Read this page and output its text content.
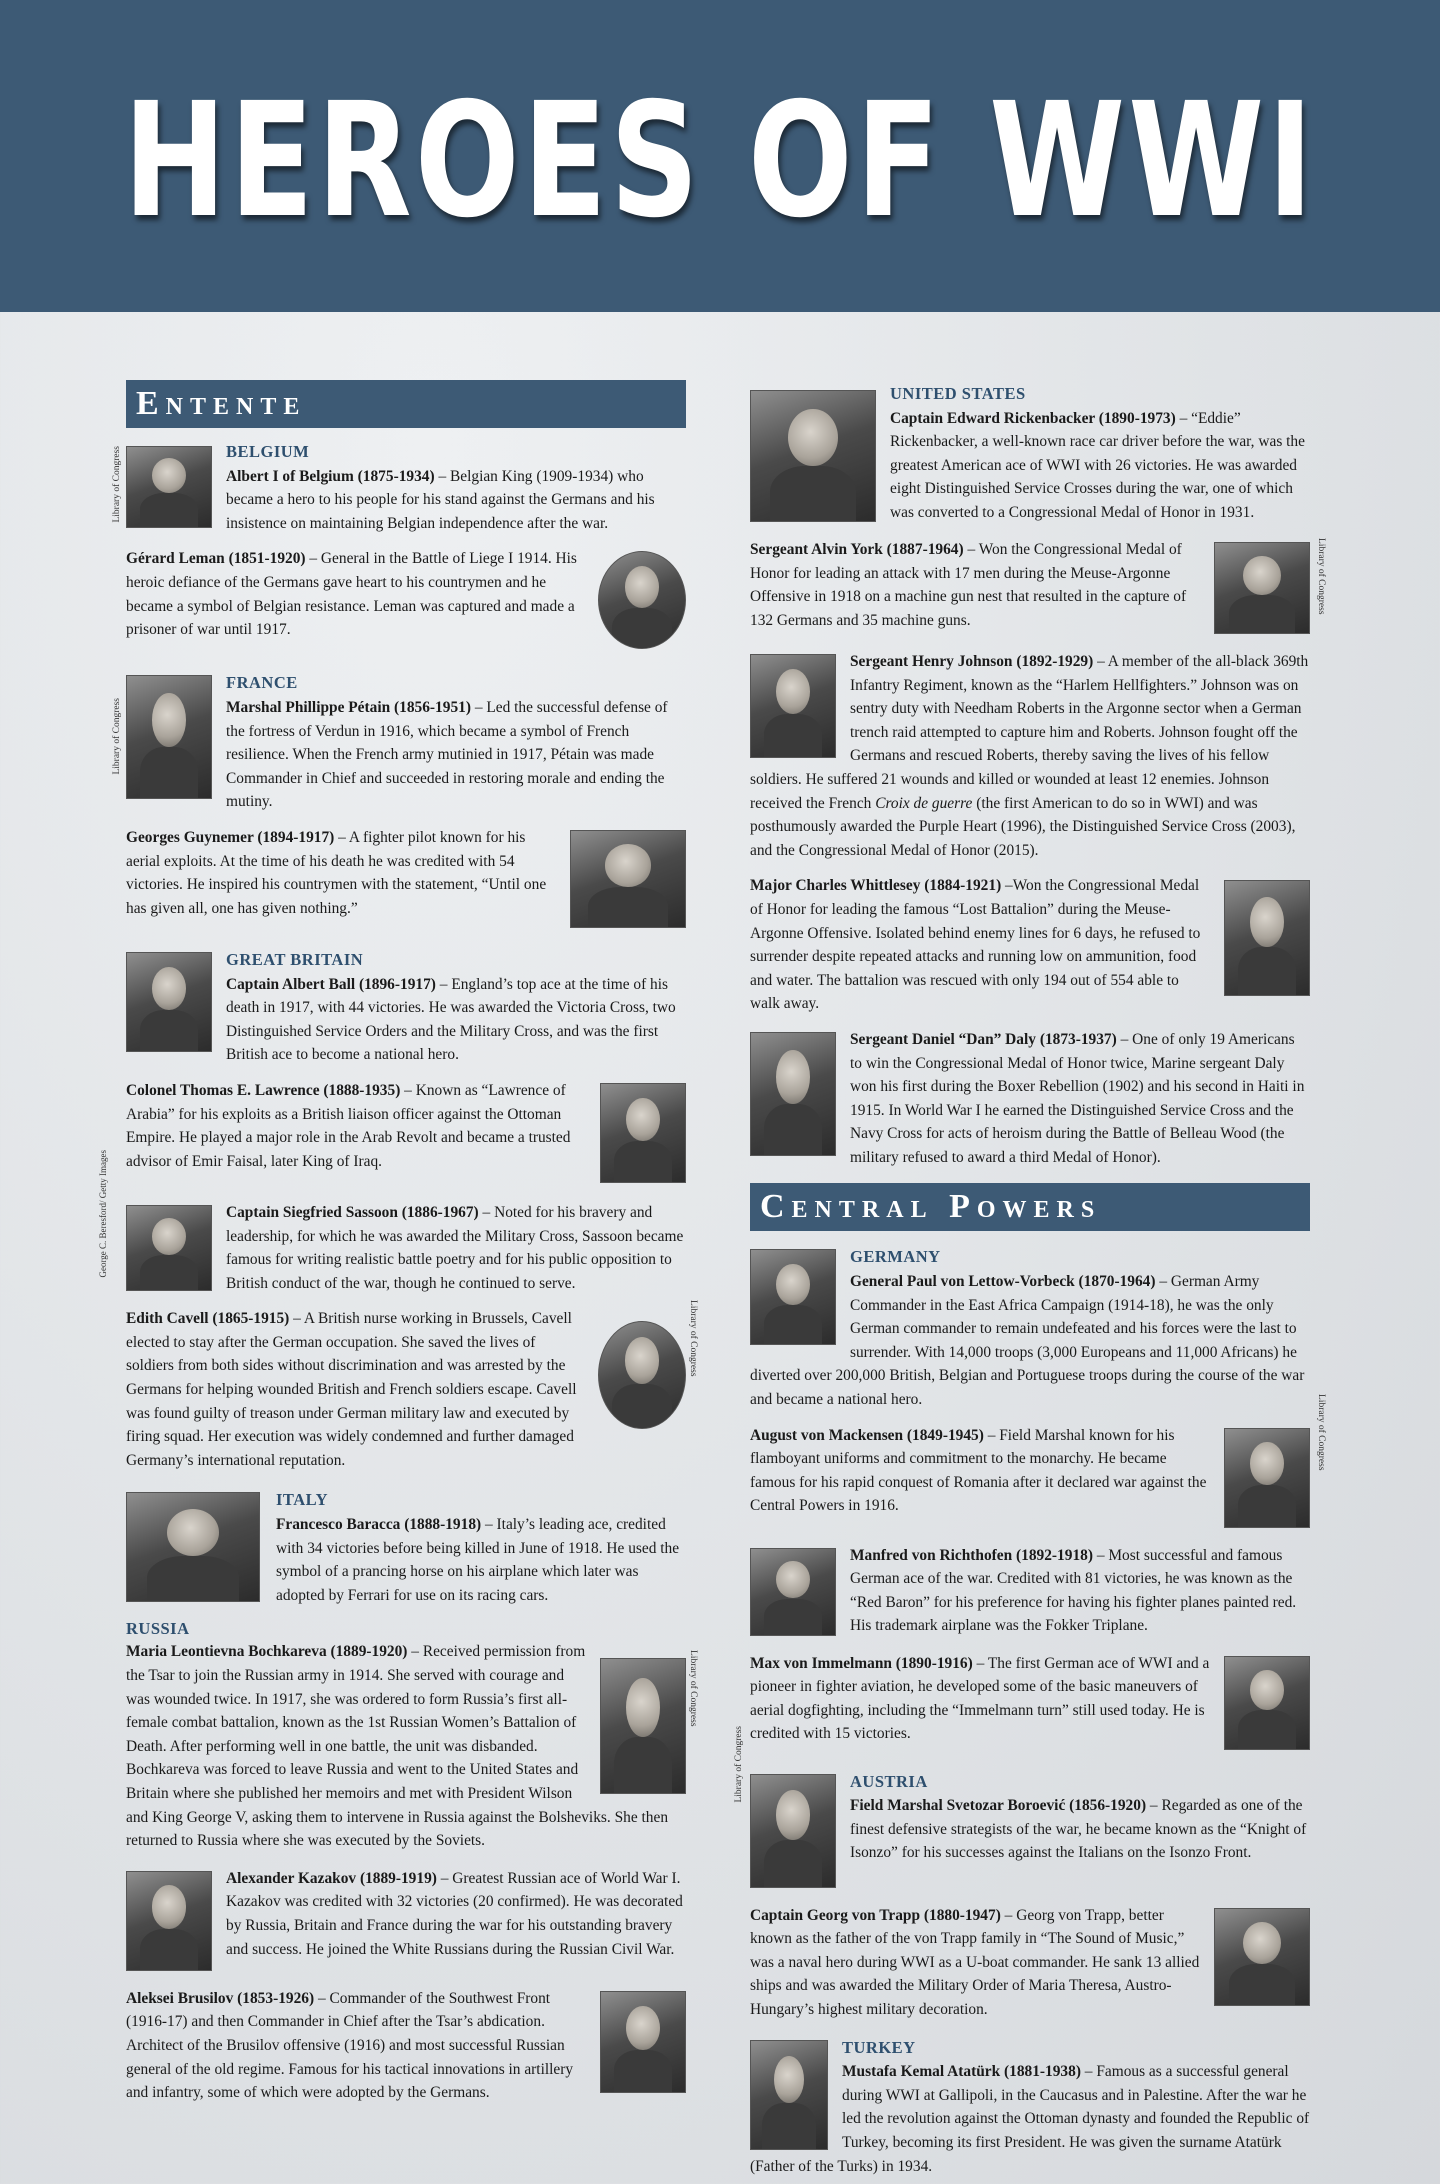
HEROES OF WWI
Entente
BELGIUM

Albert I of Belgium (1875-1934) – Belgian King (1909-1934) who became a hero to his people for his stand against the Germans and his insistence on maintaining Belgian independence after the war.

Library of Congress

Gérard Leman (1851-1920) – General in the Battle of Liege I 1914. His heroic defiance of the Germans gave heart to his countrymen and he became a symbol of Belgian resistance. Leman was captured and made a prisoner of war until 1917.

FRANCE

Marshal Phillippe Pétain (1856-1951) – Led the successful defense of the fortress of Verdun in 1916, which became a symbol of French resilience. When the French army mutinied in 1917, Pétain was made Commander in Chief and succeeded in restoring morale and ending the mutiny.

Library of Congress

Georges Guynemer (1894-1917) – A fighter pilot known for his aerial exploits. At the time of his death he was credited with 54 victories. He inspired his countrymen with the statement, “Until one has given all, one has given nothing.”

GREAT BRITAIN

Captain Albert Ball (1896-1917) – England’s top ace at the time of his death in 1917, with 44 victories. He was awarded the Victoria Cross, two Distinguished Service Orders and the Military Cross, and was the first British ace to become a national hero.

Colonel Thomas E. Lawrence (1888-1935) – Known as “Lawrence of Arabia” for his exploits as a British liaison officer against the Ottoman Empire. He played a major role in the Arab Revolt and became a trusted advisor of Emir Faisal, later King of Iraq.

Captain Siegfried Sassoon (1886-1967) – Noted for his bravery and leadership, for which he was awarded the Military Cross, Sassoon became famous for writing realistic battle poetry and for his public opposition to British conduct of the war, though he continued to serve.

George C. Beresford/ Getty Images

Edith Cavell (1865-1915) – A British nurse working in Brussels, Cavell elected to stay after the German occupation. She saved the lives of soldiers from both sides without discrimination and was arrested by the Germans for helping wounded British and French soldiers escape. Cavell was found guilty of treason under German military law and executed by firing squad. Her execution was widely condemned and further damaged Germany’s international reputation.

Library of Congress
ITALY

Francesco Baracca (1888-1918) – Italy’s leading ace, credited with 34 victories before being killed in June of 1918. He used the symbol of a prancing horse on his airplane which later was adopted by Ferrari for use on its racing cars.

RUSSIA

Maria Leontievna Bochkareva (1889-1920) – Received permission from the Tsar to join the Russian army in 1914. She served with courage and was wounded twice. In 1917, she was ordered to form Russia’s first all-female combat battalion, known as the 1st Russian Women’s Battalion of Death. After performing well in one battle, the unit was disbanded. Bochkareva was forced to leave Russia and went to the United States and Britain where she published her memoirs and met with President Wilson and King George V, asking them to intervene in Russia against the Bolsheviks. She then returned to Russia where she was executed by the Soviets.

Library of Congress

Alexander Kazakov (1889-1919) – Greatest Russian ace of World War I. Kazakov was credited with 32 victories (20 confirmed). He was decorated by Russia, Britain and France during the war for his outstanding bravery and success. He joined the White Russians during the Russian Civil War.

Aleksei Brusilov (1853-1926) – Commander of the Southwest Front (1916-17) and then Commander in Chief after the Tsar’s abdication. Architect of the Brusilov offensive (1916) and most successful Russian general of the old regime. Famous for his tactical innovations in artillery and infantry, some of which were adopted by the Germans.

UNITED STATES

Captain Edward Rickenbacker (1890-1973) – “Eddie” Rickenbacker, a well-known race car driver before the war, was the greatest American ace of WWI with 26 victories. He was awarded eight Distinguished Service Crosses during the war, one of which was converted to a Congressional Medal of Honor in 1931.

Sergeant Alvin York (1887-1964) – Won the Congressional Medal of Honor for leading an attack with 17 men during the Meuse-Argonne Offensive in 1918 on a machine gun nest that resulted in the capture of 132 Germans and 35 machine guns.

Library of Congress

Sergeant Henry Johnson (1892-1929) – A member of the all-black 369th Infantry Regiment, known as the “Harlem Hellfighters.” Johnson was on sentry duty with Needham Roberts in the Argonne sector when a German trench raid attempted to capture him and Roberts. Johnson fought off the Germans and rescued Roberts, thereby saving the lives of his fellow soldiers. He suffered 21 wounds and killed or wounded at least 12 enemies. Johnson received the French Croix de guerre (the first American to do so in WWI) and was posthumously awarded the Purple Heart (1996), the Distinguished Service Cross (2003), and the Congressional Medal of Honor (2015).

Major Charles Whittlesey (1884-1921) –Won the Congressional Medal of Honor for leading the famous “Lost Battalion” during the Meuse-Argonne Offensive. Isolated behind enemy lines for 6 days, he refused to surrender despite repeated attacks and running low on ammunition, food and water. The battalion was rescued with only 194 out of 554 able to walk away.

Sergeant Daniel “Dan” Daly (1873-1937) – One of only 19 Americans to win the Congressional Medal of Honor twice, Marine sergeant Daly won his first during the Boxer Rebellion (1902) and his second in Haiti in 1915. In World War I he earned the Distinguished Service Cross and the Navy Cross for acts of heroism during the Battle of Belleau Wood (the military refused to award a third Medal of Honor).

Central Powers
GERMANY

General Paul von Lettow-Vorbeck (1870-1964) – German Army Commander in the East Africa Campaign (1914-18), he was the only German commander to remain undefeated and his forces were the last to surrender. With 14,000 troops (3,000 Europeans and 11,000 Africans) he diverted over 200,000 British, Belgian and Portuguese troops during the course of the war and became a national hero.

August von Mackensen (1849-1945) – Field Marshal known for his flamboyant uniforms and commitment to the monarchy. He became famous for his rapid conquest of Romania after it declared war against the Central Powers in 1916.

Library of Congress

Manfred von Richthofen (1892-1918) – Most successful and famous German ace of the war. Credited with 81 victories, he was known as the “Red Baron” for his preference for having his fighter planes painted red. His trademark airplane was the Fokker Triplane.

Max von Immelmann (1890-1916) – The first German ace of WWI and a pioneer in fighter aviation, he developed some of the basic maneuvers of aerial dogfighting, including the “Immelmann turn” still used today. He is credited with 15 victories.

AUSTRIA

Field Marshal Svetozar Boroević (1856-1920) – Regarded as one of the finest defensive strategists of the war, he became known as the “Knight of Isonzo” for his successes against the Italians on the Isonzo Front.

Library of Congress

Captain Georg von Trapp (1880-1947) – Georg von Trapp, better known as the father of the von Trapp family in “The Sound of Music,” was a naval hero during WWI as a U-boat commander. He sank 13 allied ships and was awarded the Military Order of Maria Theresa, Austro-Hungary’s highest military decoration.

TURKEY

Mustafa Kemal Atatürk (1881-1938) – Famous as a successful general during WWI at Gallipoli, in the Caucasus and in Palestine. After the war he led the revolution against the Ottoman dynasty and founded the Republic of Turkey, becoming its first President. He was given the surname Atatürk (Father of the Turks) in 1934.
